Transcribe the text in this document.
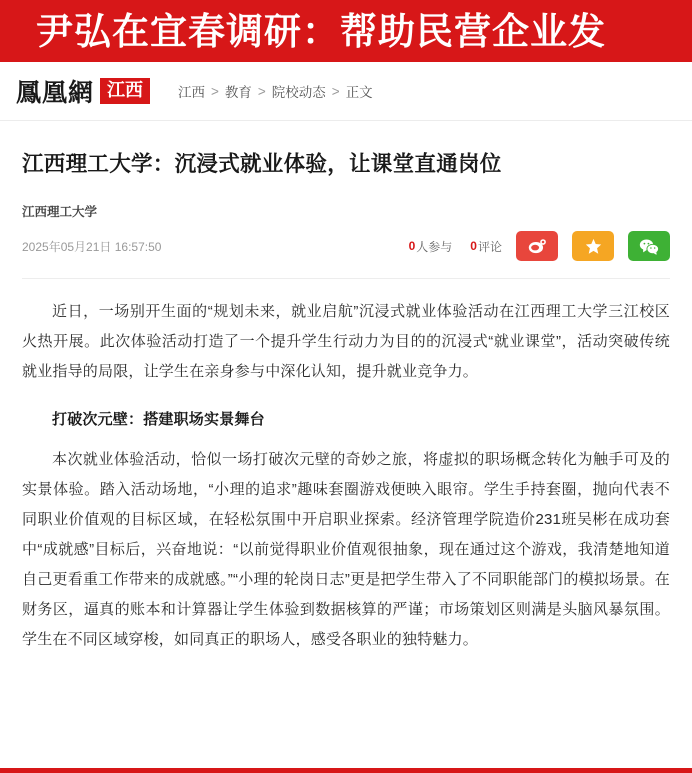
尹弘在宜春调研：帮助民营企业发
鳳凰網 江西	江西 > 教育 > 院校动态 > 正文
江西理工大学：沉浸式就业体验，让课堂直通岗位
江西理工大学
2025年05月21日 16:57:50	0 人参与 0 评论

近日，一场别开生面的“规划未来，就业启航”沉浸式就业体验活动在江西理工大学三江校区火热开展。此次体验活动打造了一个提升学生行动力为目的的沉浸式“就业课堂”，活动突破传统就业指导的局限，让学生在亲身参与中深化认知，提升就业竞争力。

打破次元壁：搭建职场实景舞台

本次就业体验活动，恰似一场打破次元壁的奇妙之旅，将虚拟的职场概念转化为触手可及的实景体验。踏入活动场地，“小理的追求”趣味套圈游戏便映入眼帘。学生手持套圈，抛向代表不同职业价值观的目标区域，在轻松氛围中开启职业探索。经济管理学院造价231班吴彬在成功套中“成就感”目标后，兴奋地说：“以前觉得职业价值观很抽象，现在通过这个游戏，我清楚地知道自己更看重工作带来的成就感。”“小理的轮岗日志”更是把学生带入了不同职能部门的模拟场景。在财务区，逼真的账本和计算器让学生体验到数据核算的严谨；市场策划区则满是头脑风暴氛围。学生在不同区域穿梭，如同真正的职场人，感受各职业的独特魅力。
